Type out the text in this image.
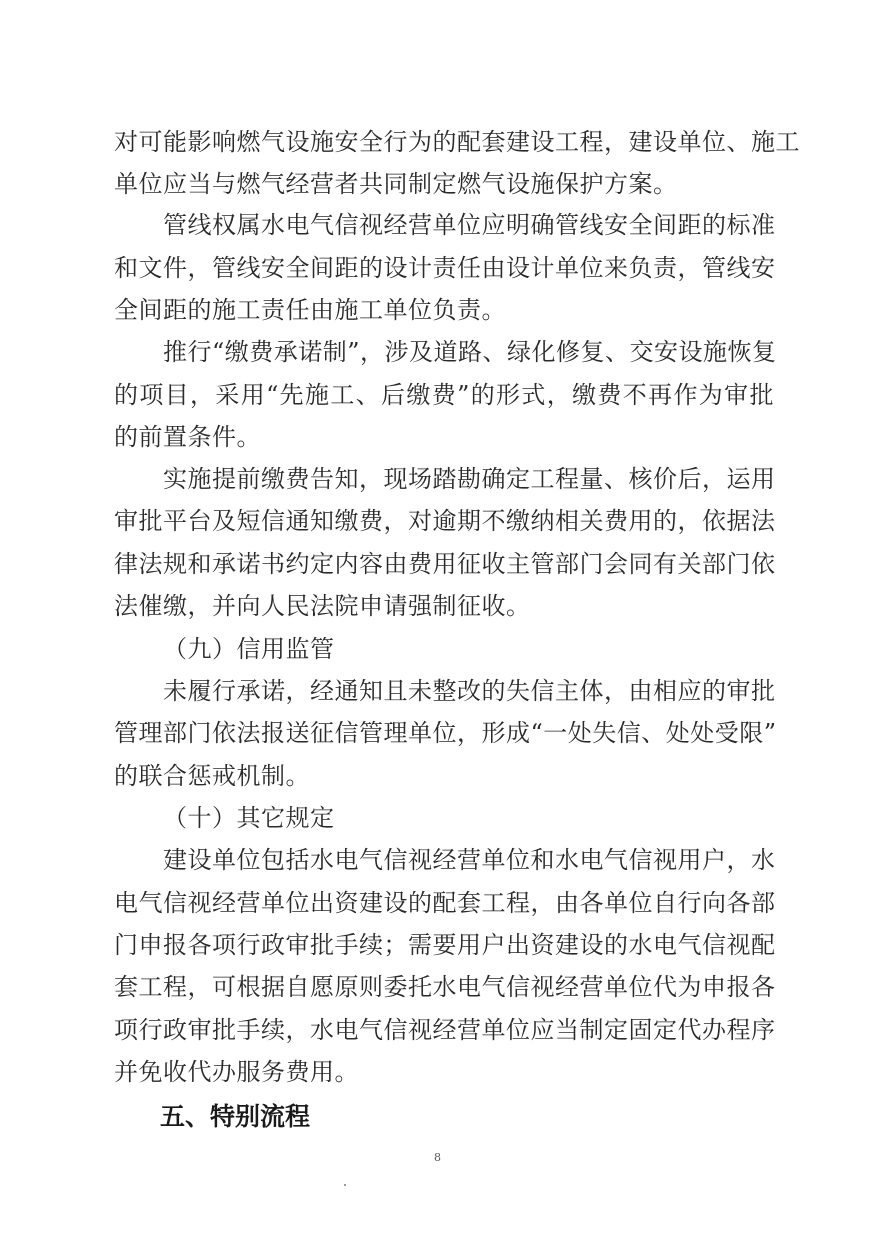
对可能影响燃气设施安全行为的配套建设工程，建设单位、施工
单位应当与燃气经营者共同制定燃气设施保护方案。
管线权属水电气信视经营单位应明确管线安全间距的标准
和文件，管线安全间距的设计责任由设计单位来负责，管线安
全间距的施工责任由施工单位负责。
推行“缴费承诺制”，涉及道路、绿化修复、交安设施恢复
的项目，采用“先施工、后缴费”的形式，缴费不再作为审批
的前置条件。
实施提前缴费告知，现场踏勘确定工程量、核价后，运用
审批平台及短信通知缴费，对逾期不缴纳相关费用的，依据法
律法规和承诺书约定内容由费用征收主管部门会同有关部门依
法催缴，并向人民法院申请强制征收。
（九）信用监管
未履行承诺，经通知且未整改的失信主体，由相应的审批
管理部门依法报送征信管理单位，形成“一处失信、处处受限”
的联合惩戒机制。
（十）其它规定
建设单位包括水电气信视经营单位和水电气信视用户，水
电气信视经营单位出资建设的配套工程，由各单位自行向各部
门申报各项行政审批手续；需要用户出资建设的水电气信视配
套工程，可根据自愿原则委托水电气信视经营单位代为申报各
项行政审批手续，水电气信视经营单位应当制定固定代办程序
并免收代办服务费用。
五、特别流程
8
